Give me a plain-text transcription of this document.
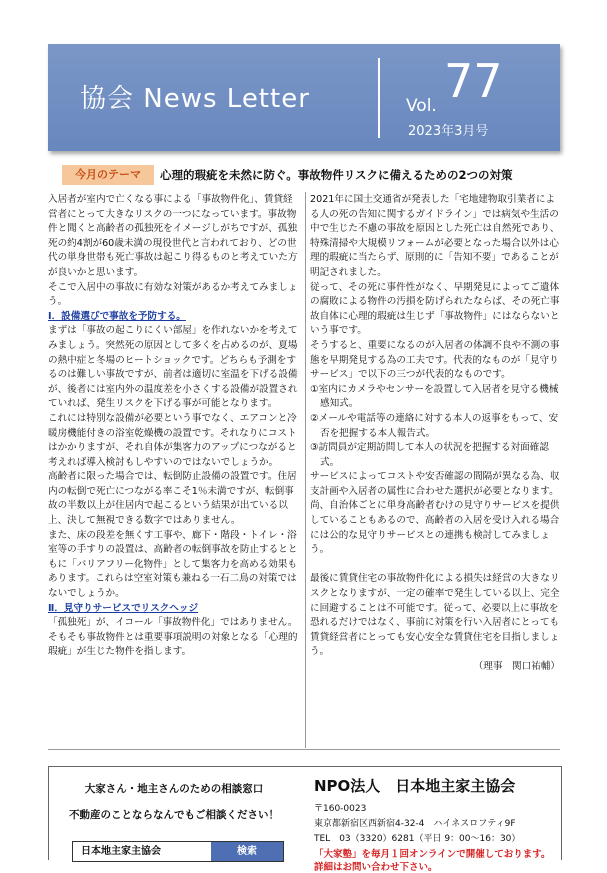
協会 News Letter	Vol. 77
2023年3月号
今月のテーマ	心理的瑕疵を未然に防ぐ。事故物件リスクに備えるための2つの対策

入居者が室内で亡くなる事による「事故物件化」、賃貸経営者にとって大きなリスクの一つになっています。事故物件と聞くと高齢者の孤独死をイメージしがちですが、孤独死の約4割が60歳未満の現役世代と言われており、どの世代の単身世帯も死亡事故は起こり得るものと考えていた方が良いかと思います。

そこで入居中の事故に有効な対策があるか考えてみましょう。

Ⅰ．設備選びで事故を予防する。

まずは「事故の起こりにくい部屋」を作れないかを考えてみましょう。突然死の原因として多くを占めるのが、夏場の熱中症と冬場のヒートショックです。どちらも予測をするのは難しい事故ですが、前者は適切に室温を下げる設備が、後者には室内外の温度差を小さくする設備が設置されていれば、発生リスクを下げる事が可能となります。

これには特別な設備が必要という事でなく、エアコンと冷暖房機能付きの浴室乾燥機の設置です。それなりにコストはかかりますが、それ自体が集客力のアップにつながると考えれば導入検討もしやすいのではないでしょうか。

高齢者に限った場合では、転倒防止設備の設置です。住居内の転倒で死亡につながる率こそ1％未満ですが、転倒事故の半数以上が住居内で起こるという結果が出ている以上、決して無視できる数字ではありません。

また、床の段差を無くす工事や、廊下・階段・トイレ・浴室等の手すりの設置は、高齢者の転倒事故を防止するとともに「バリアフリー化物件」として集客力を高める効果もあります。これらは空室対策も兼ねる一石二鳥の対策ではないでしょうか。

Ⅱ．見守りサービスでリスクヘッジ

「孤独死」が、イコール「事故物件化」ではありません。そもそも事故物件とは重要事項説明の対象となる「心理的瑕疵」が生じた物件を指します。

2021年に国土交通省が発表した「宅地建物取引業者による人の死の告知に関するガイドライン」では病気や生活の中で生じた不慮の事故を原因とした死亡は自然死であり、特殊清掃や大規模リフォームが必要となった場合以外は心理的瑕疵に当たらず、原則的に「告知不要」であることが明記されました。

従って、その死に事件性がなく、早期発見によってご遺体の腐敗による物件の汚損を防げられたならば、その死亡事故自体に心理的瑕疵は生じず「事故物件」にはならないという事です。

そうすると、重要になるのが入居者の体調不良や不測の事態を早期発見する為の工夫です。代表的なものが「見守りサービス」で以下の三つが代表的なものです。

①室内にカメラやセンサーを設置して入居者を見守る機械感知式。

②メールや電話等の連絡に対する本人の返事をもって、安否を把握する本人報告式。

③訪問員が定期訪問して本人の状況を把握する対面確認式。

サービスによってコストや安否確認の間隔が異なる為、収支計画や入居者の属性に合わせた選択が必要となります。尚、自治体ごとに単身高齢者むけの見守りサービスを提供していることもあるので、高齢者の入居を受け入れる場合には公的な見守りサービスとの連携も検討してみましょう。

最後に賃貸住宅の事故物件化による損失は経営の大きなリスクとなりますが、一定の確率で発生している以上、完全に回避することは不可能です。従って、必要以上に事故を恐れるだけではなく、事前に対策を行い入居者にとっても賃貸経営者にとっても安心安全な賃貸住宅を目指しましょう。

（理事　関口祐輔）

大家さん・地主さんのための相談窓口
不動産のことならなんでもご相談ください！
日本地主家主協会	検索
NPO法人　日本地主家主協会
〒160-0023
東京都新宿区西新宿4-32-4　ハイネスロフティ9F
TEL　03（3320）6281（平日 9：00〜16：30）
「大家塾」を毎月１回オンラインで開催しております。
詳細はお問い合わせ下さい。
